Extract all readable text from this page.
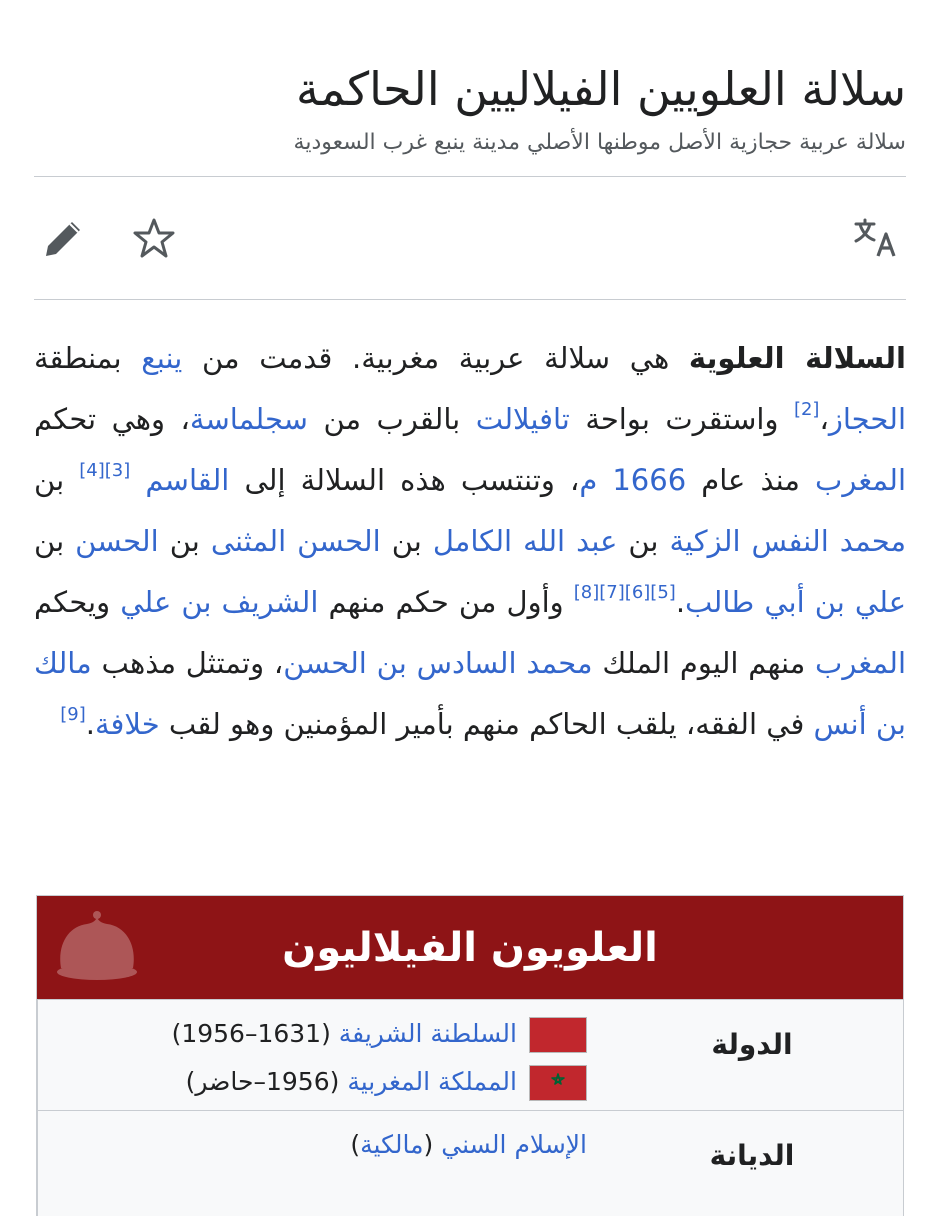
سلالة العلويين الفيلاليين الحاكمة
سلالة عربية حجازية الأصل موطنها الأصلي مدينة ينبع غرب السعودية
السلالة العلوية هي سلالة عربية مغربية. قدمت من ينبع بمنطقة الحجاز،[2] واستقرت بواحة تافيلالت بالقرب من سجلماسة، وهي تحكم المغرب منذ عام 1666 م، وتنتسب هذه السلالة إلى القاسم [3][4] بن محمد النفس الزكية بن عبد الله الكامل بن الحسن المثنى بن الحسن بن علي بن أبي طالب.[5][6][7][8] وأول من حكم منهم الشريف بن علي ويحكم المغرب منهم اليوم الملك محمد السادس بن الحسن، وتمتثل مذهب مالك بن أنس في الفقه، يلقب الحاكم منهم بأمير المؤمنين وهو لقب خلافة.[9]
العلويون الفيلاليون
الدولة
السلطنة الشريفة (1631–1956)
المملكة المغربية (1956–حاضر)
الديانة
الإسلام السني (مالكية)
